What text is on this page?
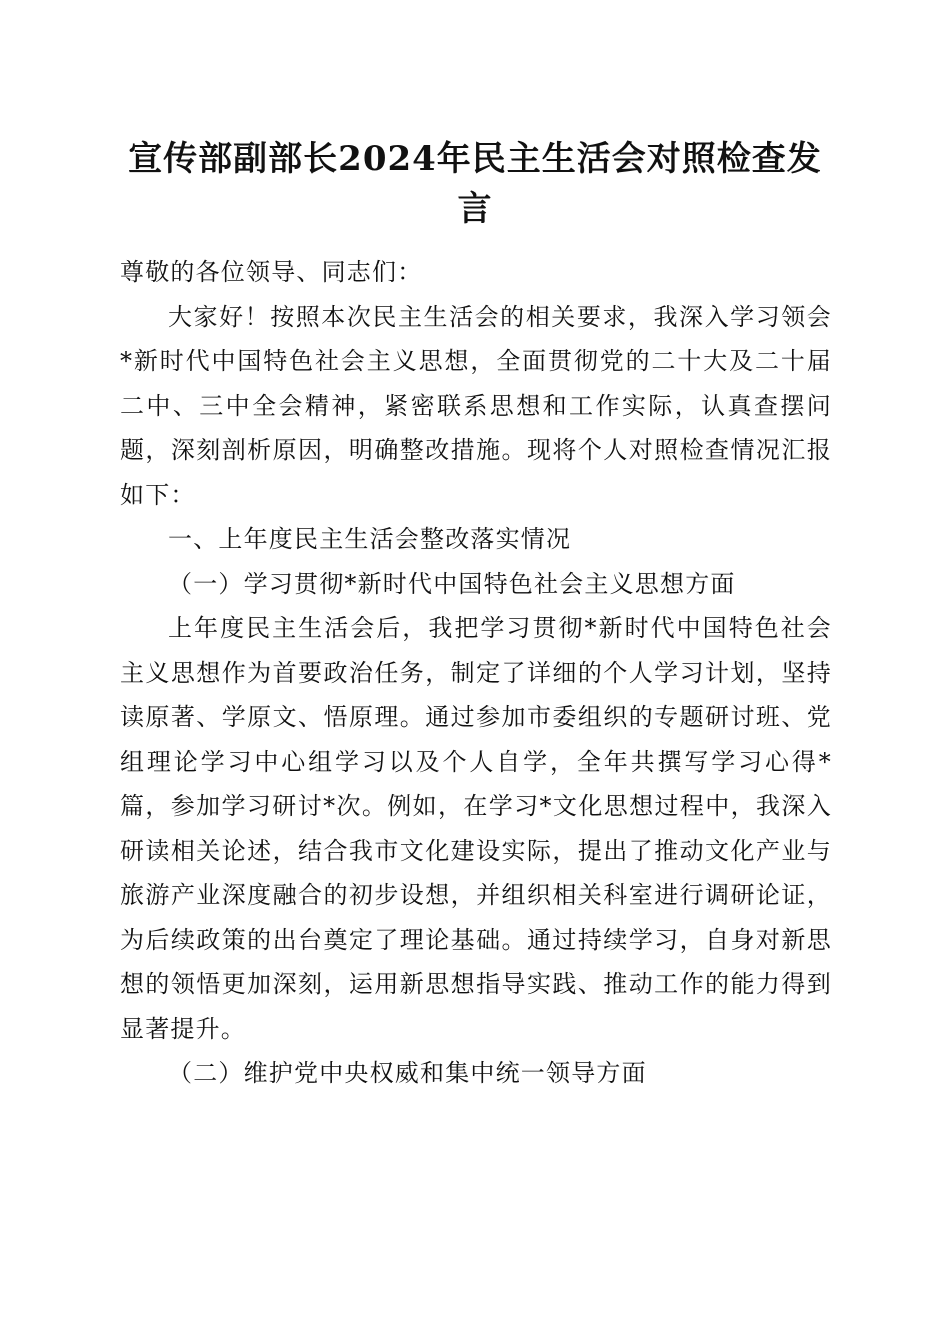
宣传部副部长2024年民主生活会对照检查发言

尊敬的各位领导、同志们：

大家好！按照本次民主生活会的相关要求，我深入学习领会*新时代中国特色社会主义思想，全面贯彻党的二十大及二十届二中、三中全会精神，紧密联系思想和工作实际，认真查摆问题，深刻剖析原因，明确整改措施。现将个人对照检查情况汇报如下：

一、上年度民主生活会整改落实情况

（一）学习贯彻*新时代中国特色社会主义思想方面

上年度民主生活会后，我把学习贯彻*新时代中国特色社会主义思想作为首要政治任务，制定了详细的个人学习计划，坚持读原著、学原文、悟原理。通过参加市委组织的专题研讨班、党组理论学习中心组学习以及个人自学，全年共撰写学习心得*篇，参加学习研讨*次。例如，在学习*文化思想过程中，我深入研读相关论述，结合我市文化建设实际，提出了推动文化产业与旅游产业深度融合的初步设想，并组织相关科室进行调研论证，为后续政策的出台奠定了理论基础。通过持续学习，自身对新思想的领悟更加深刻，运用新思想指导实践、推动工作的能力得到显著提升。

（二）维护党中央权威和集中统一领导方面
